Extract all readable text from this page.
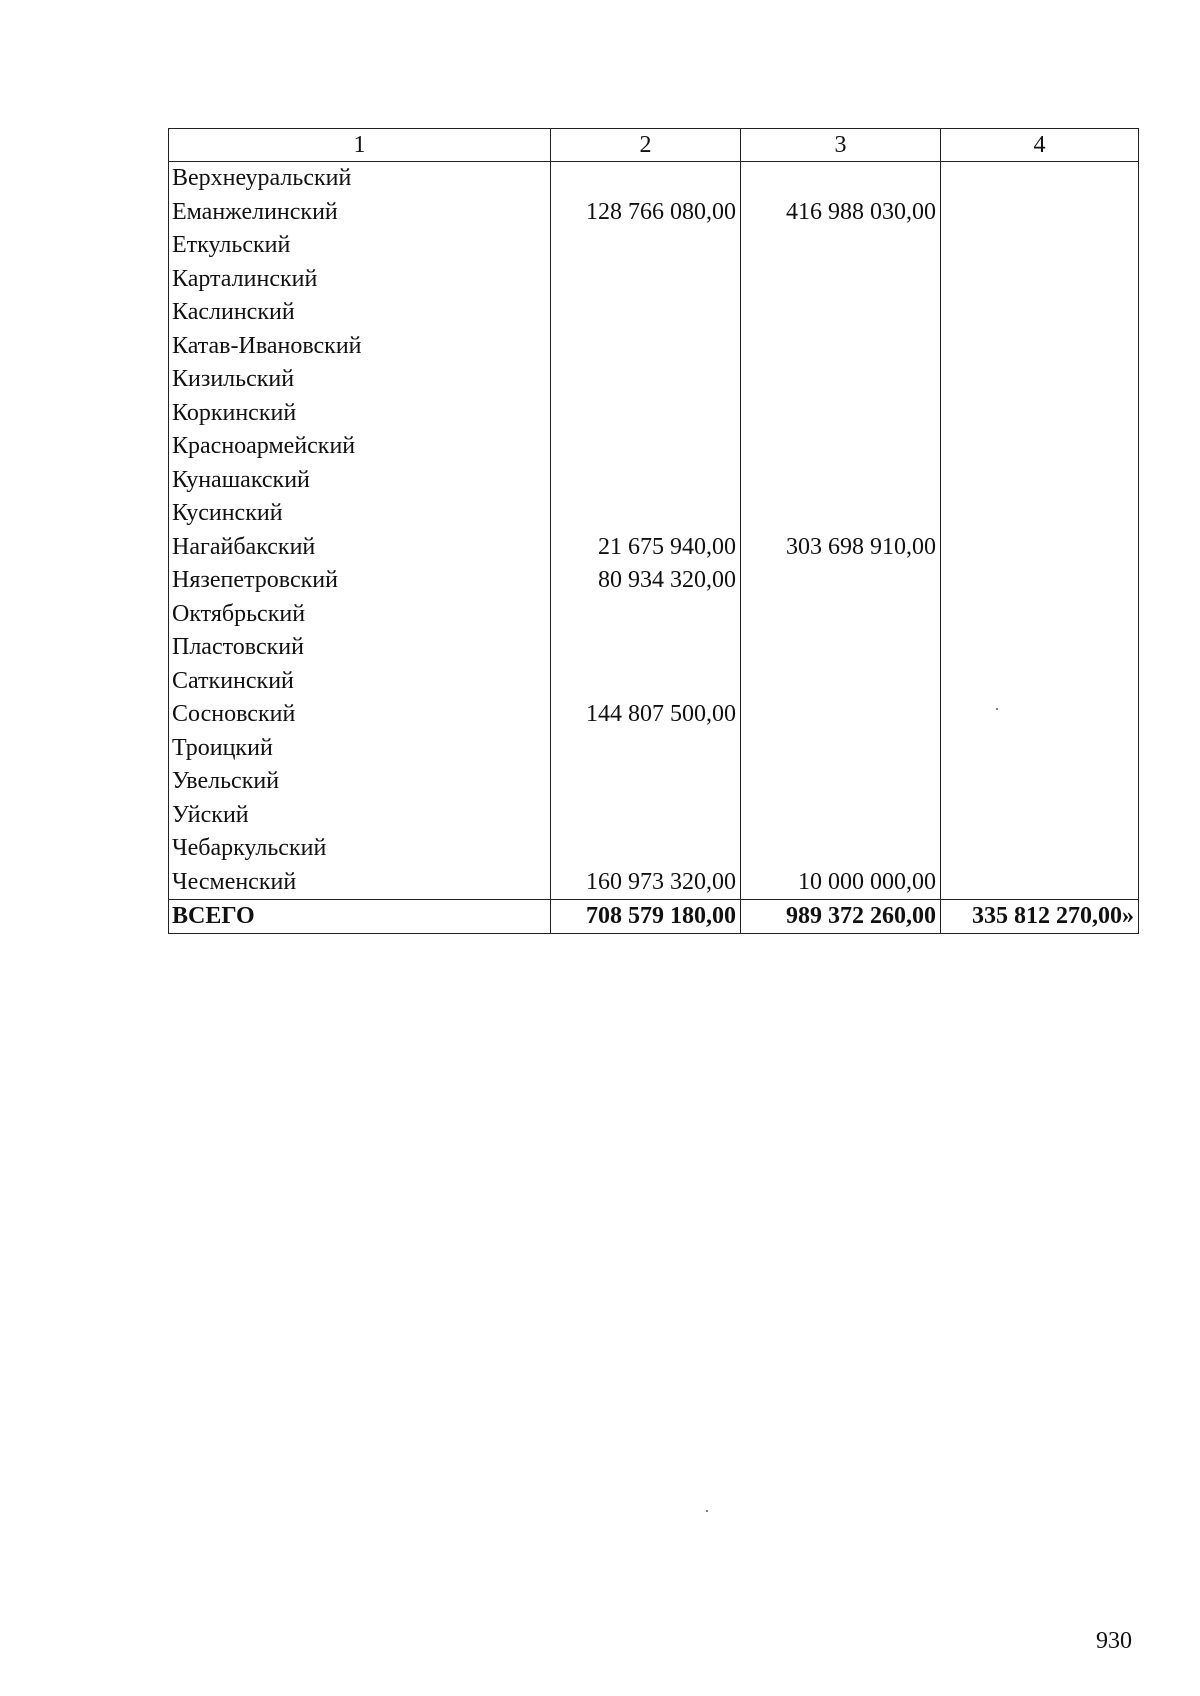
1	2	3	4
Верхнеуральский			
Еманжелинский	128 766 080,00	416 988 030,00	
Еткульский			
Карталинский			
Каслинский			
Катав-Ивановский			
Кизильский			
Коркинский			
Красноармейский			
Кунашакский			
Кусинский			
Нагайбакский	21 675 940,00	303 698 910,00	
Нязепетровский	80 934 320,00		
Октябрьский			
Пластовский			
Саткинский			
Сосновский	144 807 500,00		
Троицкий			
Увельский			
Уйский			
Чебаркульский			
Чесменский	160 973 320,00	10 000 000,00	
ВСЕГО	708 579 180,00	989 372 260,00	335 812 270,00»
930
